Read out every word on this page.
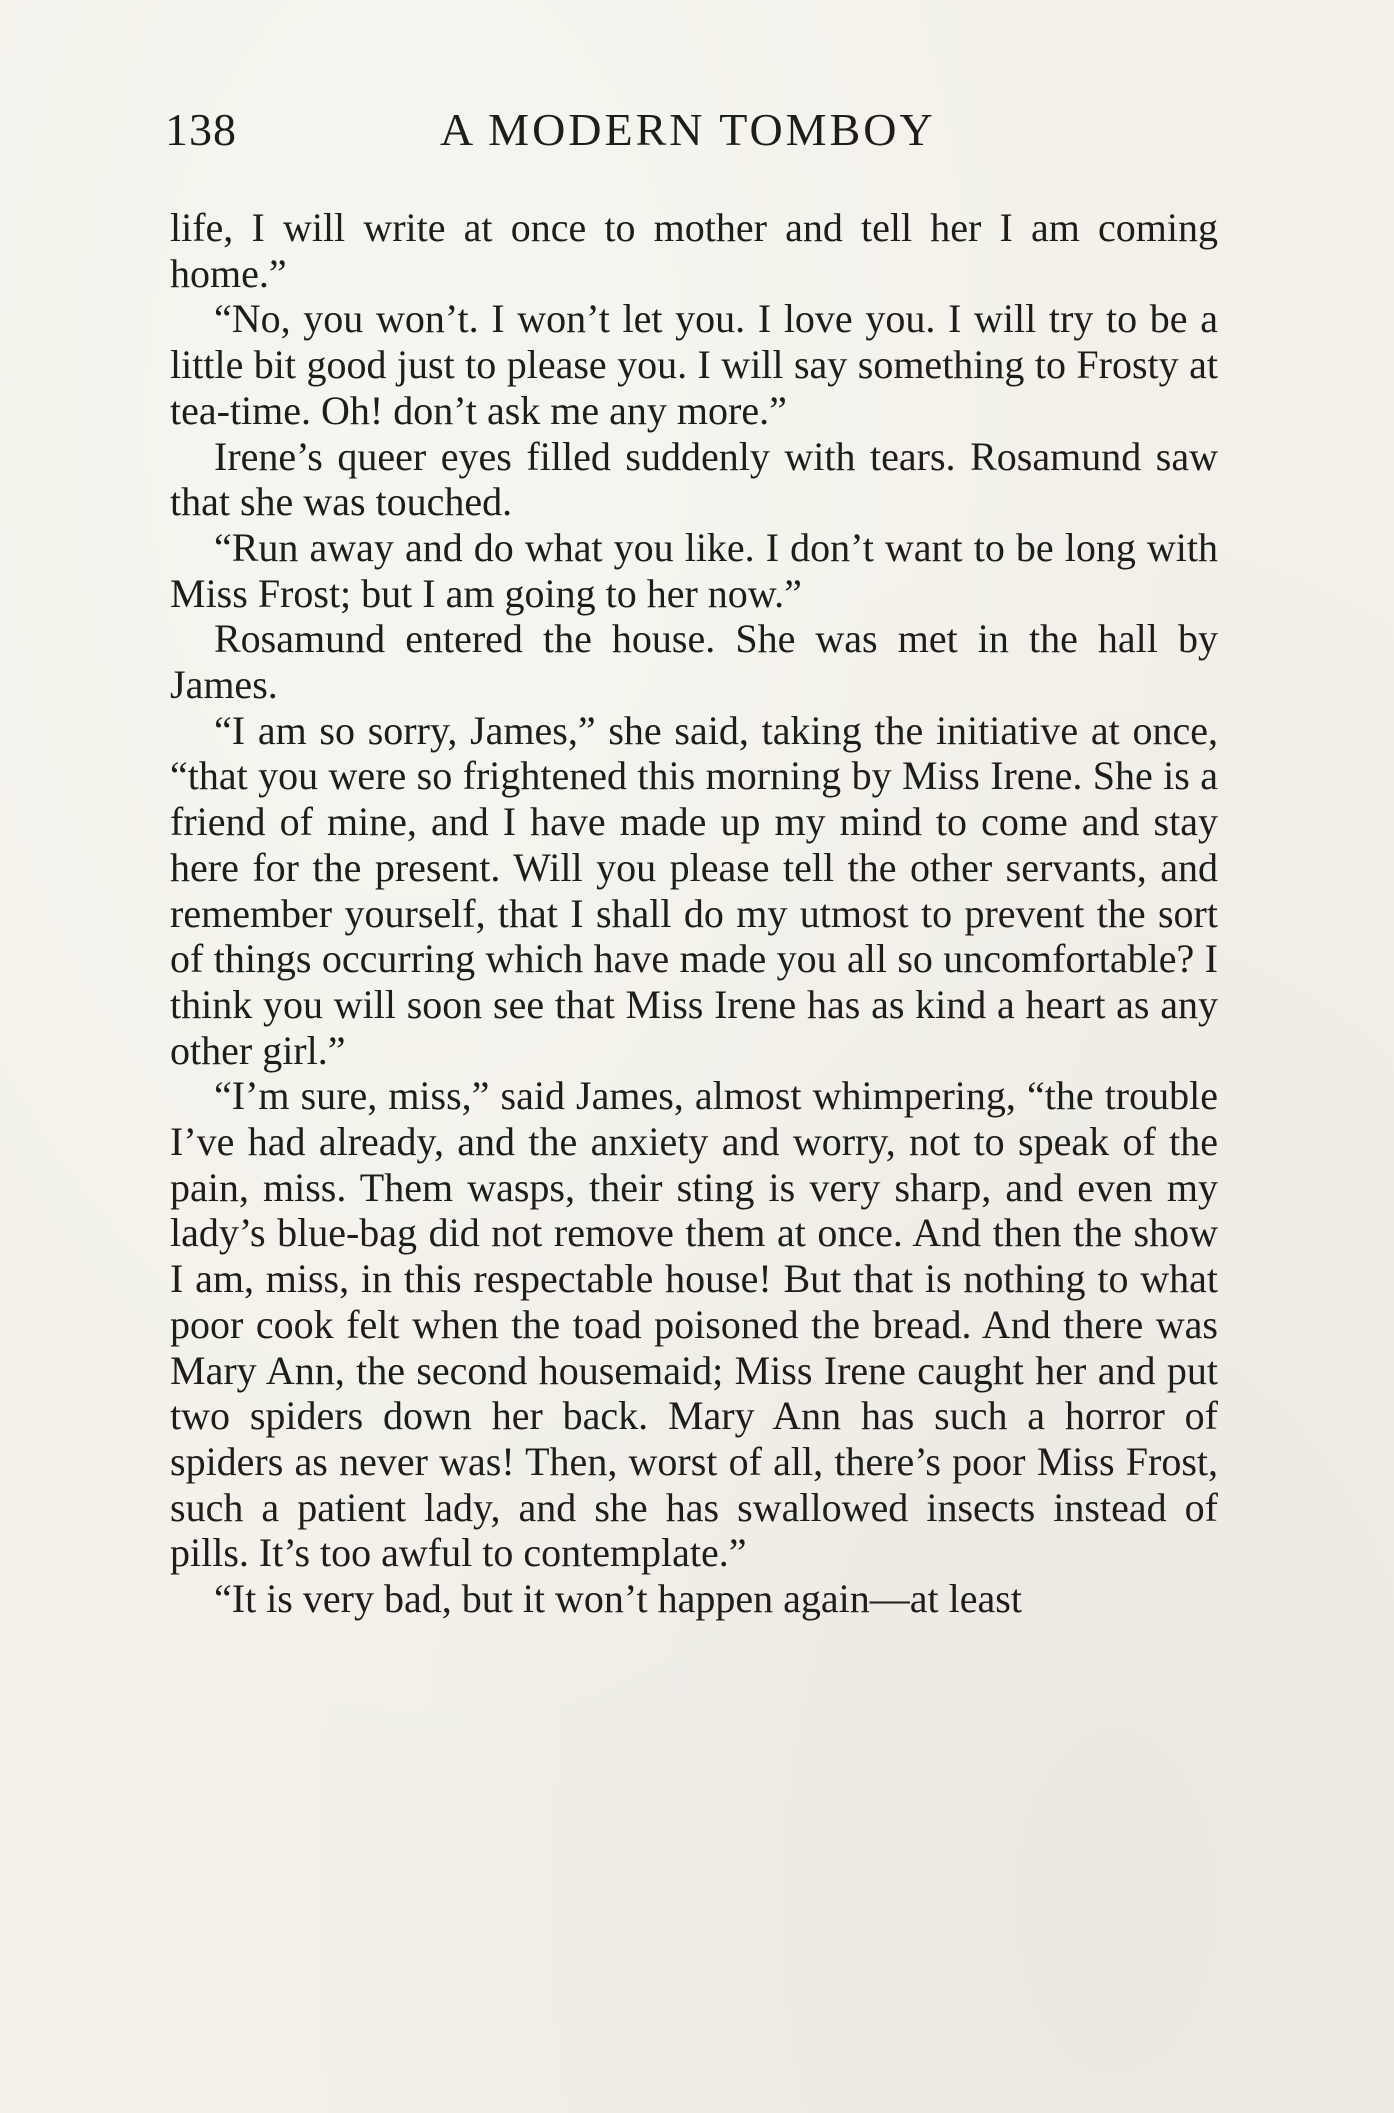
138	A MODERN TOMBOY

life, I will write at once to mother and tell her I am coming home.”

“No, you won’t. I won’t let you. I love you. I will try to be a little bit good just to please you. I will say something to Frosty at tea-time. Oh! don’t ask me any more.”

Irene’s queer eyes filled suddenly with tears. Rosamund saw that she was touched.

“Run away and do what you like. I don’t want to be long with Miss Frost; but I am going to her now.”

Rosamund entered the house. She was met in the hall by James.

“I am so sorry, James,” she said, taking the initiative at once, “that you were so frightened this morning by Miss Irene. She is a friend of mine, and I have made up my mind to come and stay here for the present. Will you please tell the other servants, and remember yourself, that I shall do my utmost to prevent the sort of things occurring which have made you all so uncomfortable? I think you will soon see that Miss Irene has as kind a heart as any other girl.”

“I’m sure, miss,” said James, almost whimpering, “the trouble I’ve had already, and the anxiety and worry, not to speak of the pain, miss. Them wasps, their sting is very sharp, and even my lady’s blue-bag did not remove them at once. And then the show I am, miss, in this respectable house! But that is nothing to what poor cook felt when the toad poisoned the bread. And there was Mary Ann, the second housemaid; Miss Irene caught her and put two spiders down her back. Mary Ann has such a horror of spiders as never was! Then, worst of all, there’s poor Miss Frost, such a patient lady, and she has swallowed insects instead of pills. It’s too awful to contemplate.”

“It is very bad, but it won’t happen again—at least
